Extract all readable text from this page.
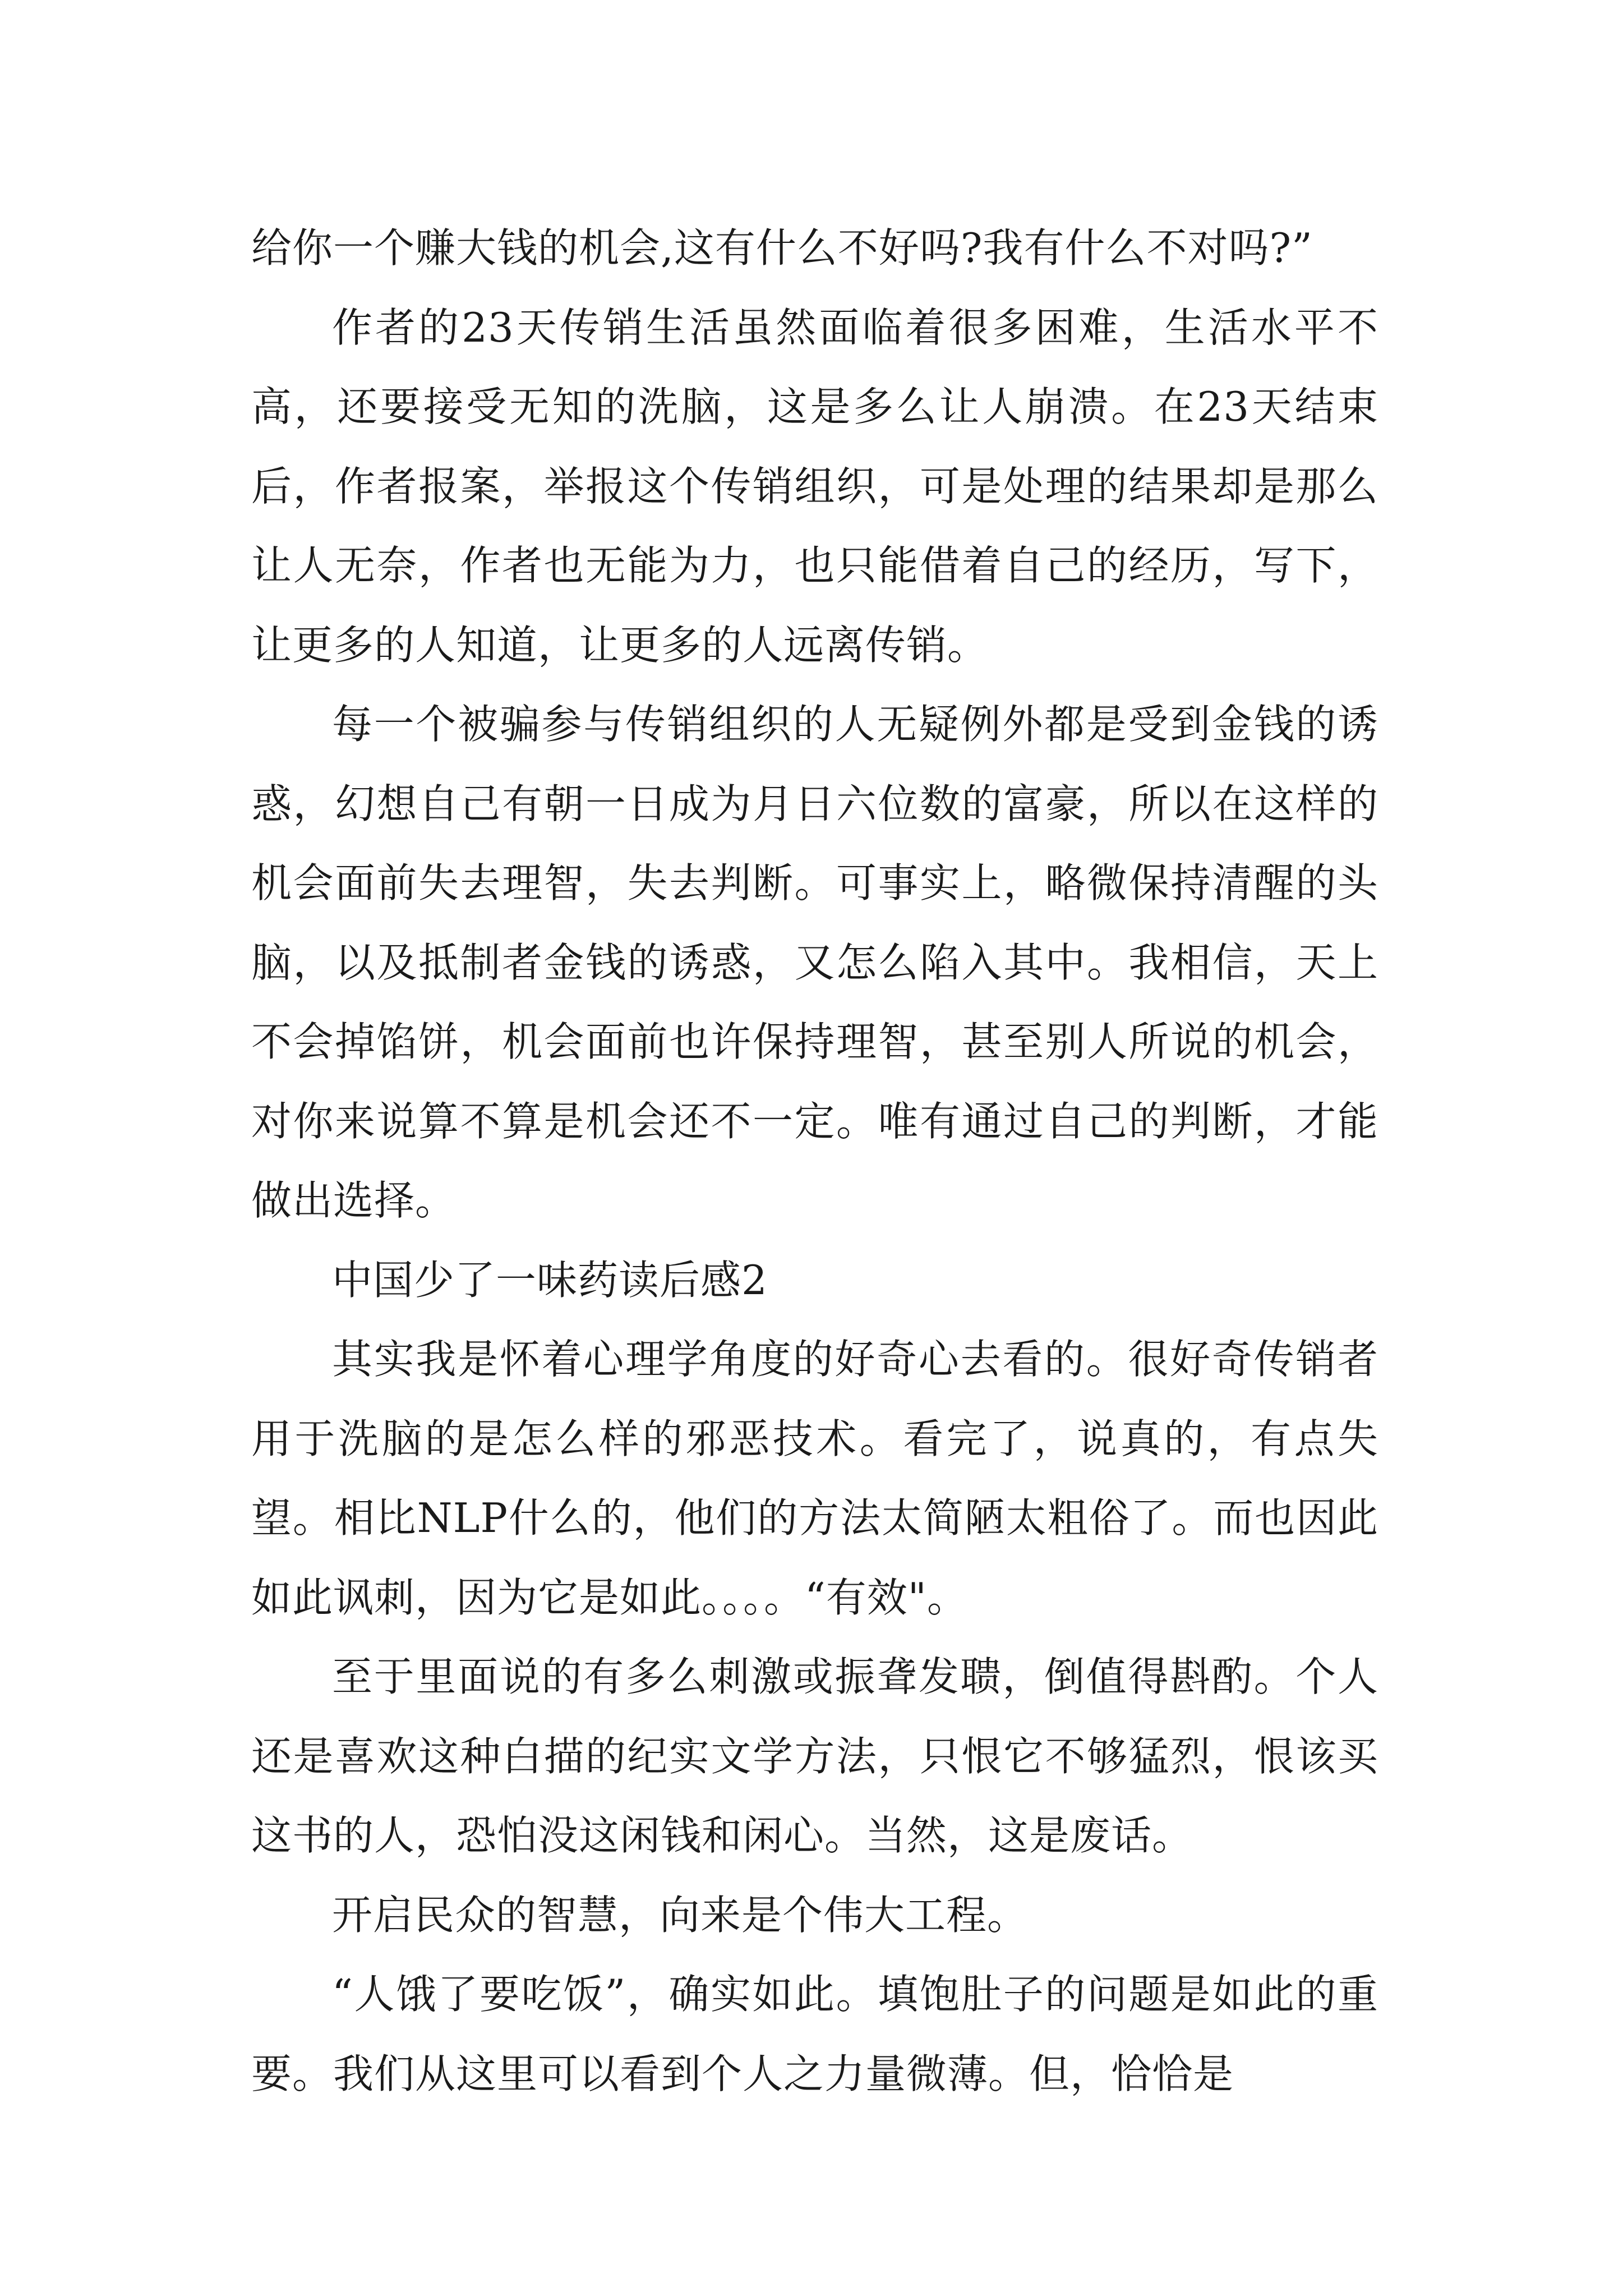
给你一个赚大钱的机会,这有什么不好吗?我有什么不对吗?”

作者的23天传销生活虽然面临着很多困难，生活水平不高，还要接受无知的洗脑，这是多么让人崩溃。在23天结束后，作者报案，举报这个传销组织，可是处理的结果却是那么让人无奈，作者也无能为力，也只能借着自己的经历，写下，让更多的人知道，让更多的人远离传销。

每一个被骗参与传销组织的人无疑例外都是受到金钱的诱惑，幻想自己有朝一日成为月日六位数的富豪，所以在这样的机会面前失去理智，失去判断。可事实上，略微保持清醒的头脑，以及抵制者金钱的诱惑，又怎么陷入其中。我相信，天上不会掉馅饼，机会面前也许保持理智，甚至别人所说的机会，对你来说算不算是机会还不一定。唯有通过自己的判断，才能做出选择。

中国少了一味药读后感2

其实我是怀着心理学角度的好奇心去看的。很好奇传销者用于洗脑的是怎么样的邪恶技术。看完了，说真的，有点失望。相比NLP什么的，他们的方法太简陋太粗俗了。而也因此如此讽刺，因为它是如此。。。。“有效"。

至于里面说的有多么刺激或振聋发聩，倒值得斟酌。个人还是喜欢这种白描的纪实文学方法，只恨它不够猛烈，恨该买这书的人，恐怕没这闲钱和闲心。当然，这是废话。

开启民众的智慧，向来是个伟大工程。

“人饿了要吃饭”，确实如此。填饱肚子的问题是如此的重要。我们从这里可以看到个人之力量微薄。但，恰恰是
